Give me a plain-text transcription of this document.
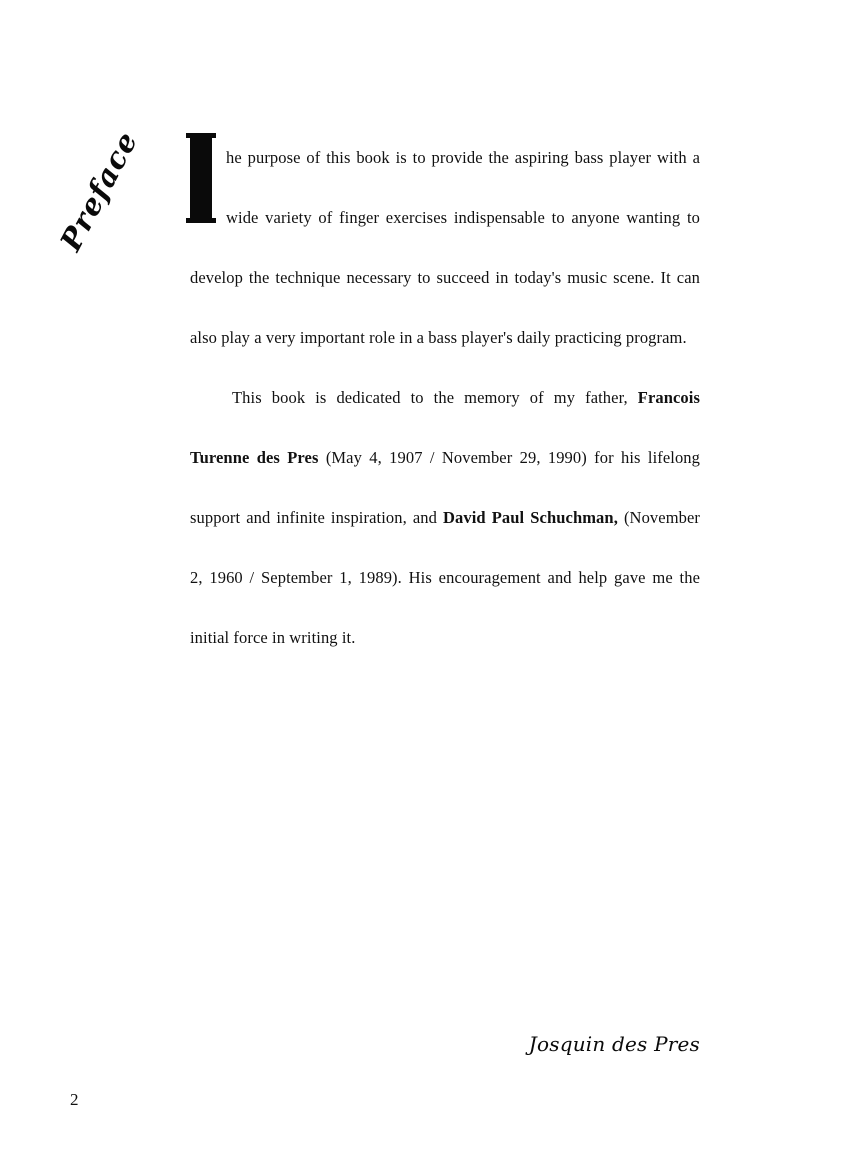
Preface	he purpose of this book is to provide the aspiring bass player with a wide variety of finger exercises indispensable to anyone wanting to develop the technique necessary to succeed in today's music scene. It can also play a very important role in a bass player's daily practicing program.

This book is dedicated to the memory of my father, Francois Turenne des Pres (May 4, 1907 / November 29, 1990) for his lifelong support and infinite inspiration, and David Paul Schuchman, (November 2, 1960 / September 1, 1989). His encouragement and help gave me the initial force in writing it.

Josquin des Pres
2
